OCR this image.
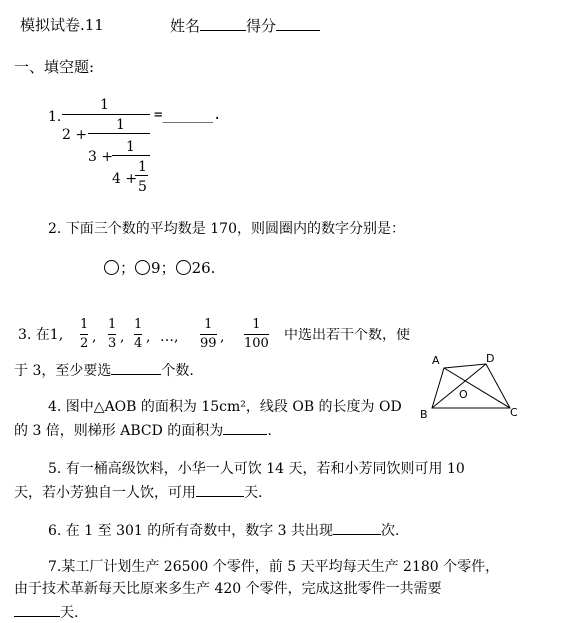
模拟试卷.11	姓名	得分
一、填空题:
1.
1
=______.
2 +
1
3 +
1
4 +
1
5
2. 下面三个数的平均数是 170，则圆圈内的数字分别是：
； 9； 26.
3. 在1,
1
2 ,
1
3 ,
1
4 , …,
1
99 ,
1
100
中选出若干个数，使
于 3，至少要选	个数.
A	D
B	C
O
4. 图中△AOB 的面积为 15cm²，线段 OB 的长度为 OD
的 3 倍，则梯形 ABCD 的面积为	.
5. 有一桶高级饮料，小华一人可饮 14 天，若和小芳同饮则可用 10
天，若小芳独自一人饮，可用	天.
6. 在 1 至 301 的所有奇数中，数字 3 共出现	次.
7.某工厂计划生产 26500 个零件，前 5 天平均每天生产 2180 个零件，
由于技术革新每天比原来多生产 420 个零件，完成这批零件一共需要
天.
